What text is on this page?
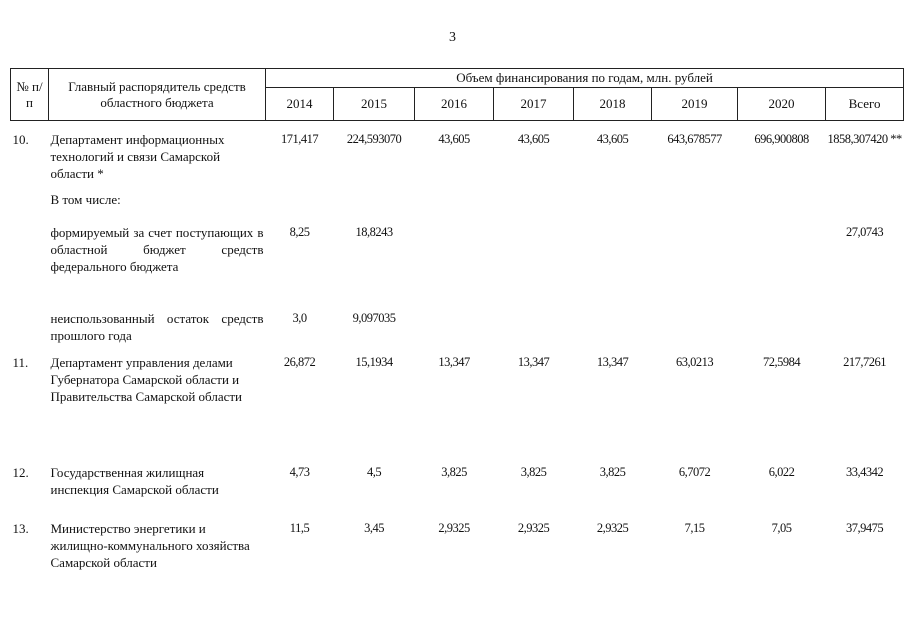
3
№ п/п	Главный распорядитель средств областного бюджета	Объем финансирования по годам, млн. рублей							
		2014	2015	2016	2017	2018	2019	2020	Всего

10.	Департамент информационных технологий и связи Самарской области *	171,417	224,593070	43,605	43,605	43,605	643,678577	696,900808	1858,307420 **

	В том числе:								

	формируемый за счет поступающих в областной бюджет средств федерального бюджета	8,25	18,8243						27,0743

	неиспользованный остаток средств прошлого года	3,0	9,097035						

11.	Департамент управления делами Губернатора Самарской области и Правительства Самарской области	26,872	15,1934	13,347	13,347	13,347	63,0213	72,5984	217,7261

12.	Государственная жилищная инспекция Самарской области	4,73	4,5	3,825	3,825	3,825	6,7072	6,022	33,4342

13.	Министерство энергетики и жилищно-коммунального хозяйства Самарской области	11,5	3,45	2,9325	2,9325	2,9325	7,15	7,05	37,9475
